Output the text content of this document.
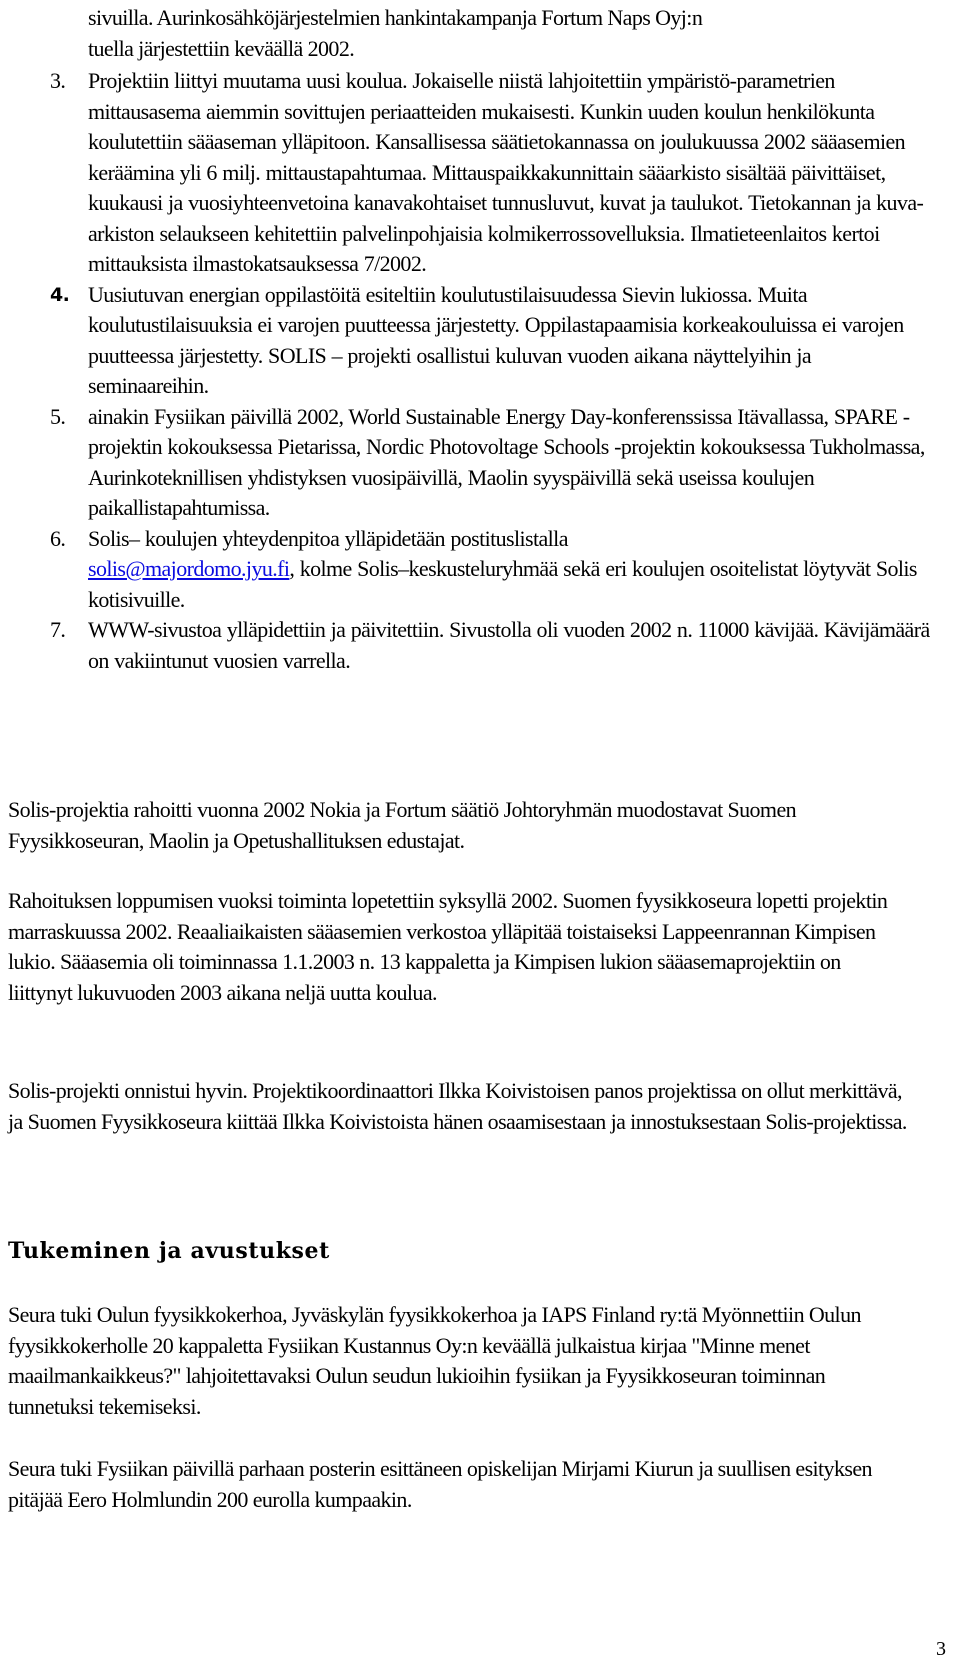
sivuilla. Aurinkosähköjärjestelmien hankintakampanja Fortum Naps Oyj:n
tuella järjestettiin keväällä 2002.
3. Projektiin liittyi muutama uusi koulua. Jokaiselle niistä lahjoitettiin ympäristö-parametrien mittausasema aiemmin sovittujen periaatteiden mukaisesti. Kunkin uuden koulun henkilökunta koulutettiin sääaseman ylläpitoon. Kansallisessa säätietokannassa on joulukuussa 2002 sääasemien keräämina yli 6 milj. mittaustapahtumaa. Mittauspaikkakunnittain sääarkisto sisältää päivittäiset, kuukausi ja vuosiyhteenvetoina kanavakohtaiset tunnusluvut, kuvat ja taulukot. Tietokannan ja kuva-arkiston selaukseen kehitettiin palvelinpohjaisia kolmikerrossovelluksia. Ilmatieteenlaitos kertoi mittauksista ilmastokatsauksessa 7/2002.
4. Uusiutuvan energian oppilastöitä esiteltiin koulutustilaisuudessa Sievin lukiossa. Muita koulutustilaisuuksia ei varojen puutteessa järjestetty. Oppilastapaamisia korkeakouluissa ei varojen puutteessa järjestetty. SOLIS – projekti osallistui kuluvan vuoden aikana näyttelyihin ja seminaareihin.
5. ainakin Fysiikan päivillä 2002, World Sustainable Energy Day-konferenssissa Itävallassa, SPARE - projektin kokouksessa Pietarissa, Nordic Photovoltage Schools -projektin kokouksessa Tukholmassa, Aurinkoteknillisen yhdistyksen vuosipäivillä, Maolin syyspäivillä sekä useissa koulujen paikallistapahtumissa.
6. Solis– koulujen yhteydenpitoa ylläpidetään postituslistalla
solis@majordomo.jyu.fi, kolme Solis–keskusteluryhmää sekä eri koulujen osoitelistat löytyvät Solis kotisivuille.
7. WWW-sivustoa ylläpidettiin ja päivitettiin. Sivustolla oli vuoden 2002 n. 11000 kävijää. Kävijämäärä on vakiintunut vuosien varrella.

Solis-projektia rahoitti vuonna 2002 Nokia ja Fortum säätiö Johtoryhmän muodostavat Suomen Fyysikkoseuran, Maolin ja Opetushallituksen edustajat.

Rahoituksen loppumisen vuoksi toiminta lopetettiin syksyllä 2002. Suomen fyysikkoseura lopetti projektin marraskuussa 2002. Reaaliaikaisten sääasemien verkostoa ylläpitää toistaiseksi Lappeenrannan Kimpisen lukio. Sääasemia oli toiminnassa 1.1.2003 n. 13 kappaletta ja Kimpisen lukion sääasemaprojektiin on liittynyt lukuvuoden 2003 aikana neljä uutta koulua.

Solis-projekti onnistui hyvin. Projektikoordinaattori Ilkka Koivistoisen panos projektissa on ollut merkittävä, ja Suomen Fyysikkoseura kiittää Ilkka Koivistoista hänen osaamisestaan ja innostuksestaan Solis-projektissa.

Tukeminen ja avustukset

Seura tuki Oulun fyysikkokerhoa, Jyväskylän fyysikkokerhoa ja IAPS Finland ry:tä Myönnettiin Oulun fyysikkokerholle 20 kappaletta Fysiikan Kustannus Oy:n keväällä julkaistua kirjaa "Minne menet maailmankaikkeus?" lahjoitettavaksi Oulun seudun lukioihin fysiikan ja Fyysikkoseuran toiminnan tunnetuksi tekemiseksi.

Seura tuki Fysiikan päivillä parhaan posterin esittäneen opiskelijan Mirjami Kiurun ja suullisen esityksen pitäjää Eero Holmlundin 200 eurolla kumpaakin.

3
